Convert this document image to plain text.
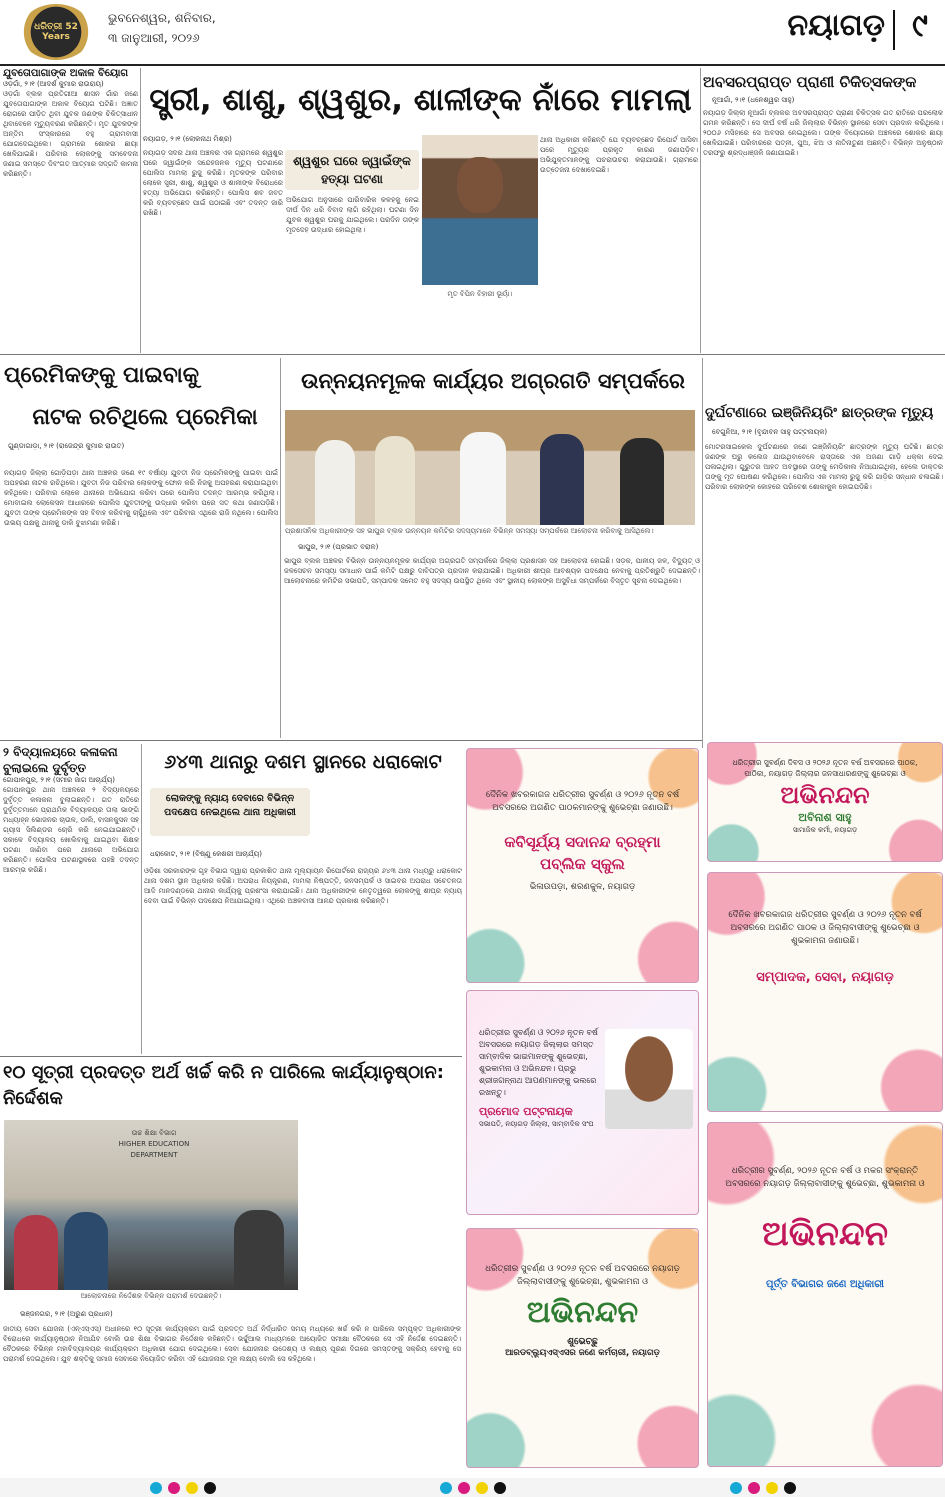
ଧରିତ୍ରୀ 52 Years
ଭୁବନେଶ୍ୱର, ଶନିବାର,
୩ ଜାନୁଆରୀ, ୨୦୨୬	ନୟାଗଡ଼ ୯
ଯୁବତୋପାଗାଙ୍କ ଅକାଳ ବିୟୋଗ
ଓଡ଼ଗାଁ, ୨।୧ (ଆଦର୍ଶ କୁମାର ରାଉରାୟ)
ଓଡ଼ଗାଁ ବ୍ଲକ ପ୍ରତିଗୀଆ ଶାସନ ଗାଁର ଜଣେ ଯୁବତୋପାଗାଙ୍କ ଅକାଳ ବିୟୋଗ ଘଟିଛି। ଅଜ୍ଞାତ ରୋଗରେ ପୀଡ଼ିତ ଥିବା ଯୁବକ ଜଣଙ୍କ ଚିକିତ୍ସାଧୀନ ଥିବାବେଳେ ମୃତ୍ୟୁବରଣ କରିଛନ୍ତି। ମୃତ ଯୁବକଙ୍କ ଅନ୍ତିମ ସଂସ୍କାରରେ ବହୁ ଗ୍ରାମବାସୀ ଯୋଗଦେଇଥିଲେ। ଗ୍ରାମରେ ଶୋକର ଛାୟା ଖେଳିଯାଇଛି। ପରିବାର ଲୋକଙ୍କୁ ସମବେଦନା ଜଣାଇ ସମସ୍ତେ ଦିବଂଗତ ଆତ୍ମାର ସଦ୍‌ଗତି କାମନା କରିଛନ୍ତି।
ସ୍ତ୍ରୀ, ଶାଶୁ, ଶ୍ୱଶୁର, ଶାଳୀଙ୍କ ନାଁରେ ମାମଲା
ନୟାଗଡ଼, ୨।୧ (ଲୋକନାଥ ମିଶ୍ର)
ଶ୍ୱଶୁର ଘରେ ଜ୍ୱାଇଁଙ୍କ ହତ୍ୟା ଘଟଣା
ନୟାଗଡ଼ ସଦର ଥାନା ଅଞ୍ଚଳର ଏକ ଗ୍ରାମରେ ଶ୍ୱଶୁର ଘରେ ଜ୍ୱାଇଁଙ୍କ ସନ୍ଦେହଜନକ ମୃତ୍ୟୁ ଘଟଣାରେ ପୋଲିସ ମାମଲା ରୁଜୁ କରିଛି। ମୃତକଙ୍କ ପରିବାର ଲୋକେ ସ୍ତ୍ରୀ, ଶାଶୁ, ଶ୍ୱଶୁର ଓ ଶାଳୀଙ୍କ ବିରୋଧରେ ହତ୍ୟା ଅଭିଯୋଗ କରିଛନ୍ତି। ପୋଲିସ ଶବ ଜବତ କରି ବ୍ୟବଚ୍ଛେଦ ପାଇଁ ପଠାଇଛି ଏବଂ ତଦନ୍ତ ଜାରି ରଖିଛି।
ଅଭିଯୋଗ ଅନୁସାରେ ପାରିବାରିକ କଳହକୁ ନେଇ ଦୀର୍ଘ ଦିନ ଧରି ବିବାଦ ଲାଗି ରହିଥିଲା। ଘଟଣା ଦିନ ଯୁବକ ଶ୍ୱଶୁର ଘରକୁ ଯାଇଥିଲେ। ପରଦିନ ତାଙ୍କ ମୃତଦେହ ଉଦ୍ଧାର ହୋଇଥିଲା।
ମୃତ ବିପିନ ବିହାରୀ ଭୂୟାଁ।
ଥାନା ଅଧିକାରୀ କହିଛନ୍ତି ଯେ ବ୍ୟବଚ୍ଛେଦ ରିପୋର୍ଟ ଆସିବା ପରେ ମୃତ୍ୟୁର ପ୍ରକୃତ କାରଣ ଜଣାପଡ଼ିବ। ଅଭିଯୁକ୍ତମାନଙ୍କୁ ପଚରାଉଚରା କରାଯାଉଛି। ଗ୍ରାମରେ ଉତ୍ତେଜନା ଦେଖାଦେଇଛି।
ଅବସରପ୍ରାପ୍ତ ପ୍ରାଣୀ ଚିକିତ୍ସକଙ୍କ
ନୂଆଗାଁ, ୨।୧ (ଧନେଶ୍ୱର ସାହୁ)
ନୟାଗଡ଼ ଜିଲ୍ଲା ନୂଆଗାଁ ବ୍ଲକର ଅବସରପ୍ରାପ୍ତ ପ୍ରାଣୀ ଚିକିତ୍ସକ ଗତ ରାତିରେ ପରଲୋକ ଗମନ କରିଛନ୍ତି। ସେ ଦୀର୍ଘ ବର୍ଷ ଧରି ଜିଲ୍ଲାର ବିଭିନ୍ନ ସ୍ଥାନରେ ସେବା ପ୍ରଦାନ କରିଥିଲେ। ୨୦୦୬ ମସିହାରେ ସେ ଅବସର ନେଇଥିଲେ। ତାଙ୍କ ବିୟୋଗରେ ଅଞ୍ଚଳରେ ଶୋକର ଛାୟା ଖେଳିଯାଇଛି। ପରିବାରରେ ପତ୍ନୀ, ପୁଅ, ଝିଅ ଓ ନାତିନାତୁଣୀ ଅଛନ୍ତି। ବିଭିନ୍ନ ଅନୁଷ୍ଠାନ ତରଫରୁ ଶ୍ରଦ୍ଧାଞ୍ଜଳି ଜଣାଯାଇଛି।
ପ୍ରେମିକଙ୍କୁ ପାଇବାକୁ
ନାଟକ ରଚିଥିଲେ ପ୍ରେମିକା
ଗୁଣ୍ଡାଗାଡ଼ା, ୨।୧ (ରାଜେନ୍ଦ୍ର କୁମାର ରାଉତ)
ନୟାଗଡ଼ ଜିଲ୍ଲା ଗୋଡ଼ିପଡ଼ା ଥାନା ଅଞ୍ଚଳର ଜଣେ ୧୯ ବର୍ଷୀୟା ଯୁବତୀ ନିଜ ପ୍ରେମିକଙ୍କୁ ପାଇବା ପାଇଁ ଅପହରଣ ନାଟକ ରଚିଥିଲେ। ଯୁବତୀ ନିଜ ପରିବାର ଲୋକଙ୍କୁ ଫୋନ କରି ନିଜକୁ ଅପହରଣ କରାଯାଇଥିବା କହିଥିଲେ। ପରିବାର ଲୋକେ ଥାନାରେ ଅଭିଯୋଗ କରିବା ପରେ ପୋଲିସ ତଦନ୍ତ ଆରମ୍ଭ କରିଥିଲା। ମୋବାଇଲ ଲୋକେସନ ଆଧାରରେ ପୋଲିସ ଯୁବତୀଙ୍କୁ ଉଦ୍ଧାର କରିବା ପରେ ସତ କଥା ଜଣାପଡ଼ିଛି। ଯୁବତୀ ତାଙ୍କ ପ୍ରେମିକଙ୍କ ସହ ବିବାହ କରିବାକୁ ଚାହୁଁଥିଲେ ଏବଂ ପରିବାର ଏଥିରେ ରାଜି ନଥିଲେ। ପୋଲିସ ଉଭୟ ପକ୍ଷକୁ ଥାନାକୁ ଡାକି ବୁଝାମଣା କରିଛି।
ଉନ୍ନୟନମୂଳକ କାର୍ଯ୍ୟର ଅଗ୍ରଗତି ସମ୍ପର୍କରେ
ପ୍ରଶାସନିକ ଅଧିକାରୀଙ୍କ ସହ ଭାପୁର ବ୍ଲକ ଉନ୍ନୟନ କମିଟିର ସଦସ୍ୟମାନେ ବିଭିନ୍ନ ସମସ୍ୟା ସମ୍ପର୍କରେ ଆଲୋଚନା କରିବାକୁ ଆସିଥିଲେ।
ଭାପୁର, ୨।୧ (ପ୍ରଭାତ ବରାଳ)
ଭାପୁର ବ୍ଲକ ଅଞ୍ଚଳର ବିଭିନ୍ନ ଉନ୍ନୟନମୂଳକ କାର୍ଯ୍ୟର ଅଗ୍ରଗତି ସମ୍ପର୍କରେ ଜିଲ୍ଲା ପ୍ରଶାସନ ସହ ଆଲୋଚନା ହୋଇଛି। ସଡ଼କ, ପାନୀୟ ଜଳ, ବିଦ୍ୟୁତ୍ ଓ ଜଳସେଚନ ସମସ୍ୟା ସମାଧାନ ପାଇଁ କମିଟି ପକ୍ଷରୁ ଦାବିପତ୍ର ପ୍ରଦାନ କରାଯାଇଛି। ଅଧିକାରୀ ଶୀଘ୍ର ଆବଶ୍ୟକ ପଦକ୍ଷେପ ନେବାକୁ ପ୍ରତିଶ୍ରୁତି ଦେଇଛନ୍ତି। ଆଲୋଚନାରେ କମିଟିର ସଭାପତି, ସମ୍ପାଦକ ସମେତ ବହୁ ସଦସ୍ୟ ଉପସ୍ଥିତ ଥିଲେ ଏବଂ ସ୍ଥାନୀୟ ଲୋକଙ୍କ ଅସୁବିଧା ସମ୍ପର୍କରେ ବିସ୍ତୃତ ସୂଚନା ଦେଇଥିଲେ।
ଦୁର୍ଘଟଣାରେ ଇଞ୍ଜିନିୟରିଂ ଛାତ୍ରଙ୍କ ମୃତ୍ୟୁ
ବେଗୁନିଆ, ୨।୧ (ବୃନ୍ଦାବନ ସାହୁ ପଟ୍ଟନାୟକ)
ମୋଟରସାଇକେଲ ଦୁର୍ଘଟଣାରେ ଜଣେ ଇଞ୍ଜିନିୟରିଂ ଛାତ୍ରଙ୍କ ମୃତ୍ୟୁ ଘଟିଛି। ଛାତ୍ର ଜଣଙ୍କ ଘରୁ କଲେଜ ଯାଉଥିବାବେଳେ ରାସ୍ତାରେ ଏକ ଅଜଣା ଗାଡ଼ି ଧକ୍କା ଦେଇ ପଳାଇଥିଲା। ଗୁରୁତର ଆହତ ଅବସ୍ଥାରେ ତାଙ୍କୁ ମେଡିକାଲ ନିଆଯାଇଥିଲା, ହେଲେ ଡାକ୍ତର ତାଙ୍କୁ ମୃତ ଘୋଷଣା କରିଥିଲେ। ପୋଲିସ ଏକ ମାମଲା ରୁଜୁ କରି ଗାଡ଼ିର ସନ୍ଧାନ ଚଳାଇଛି। ପରିବାର ଲୋକଙ୍କ କୋହରେ ପରିବେଶ ଶୋକାକୁଳ ହୋଇପଡ଼ିଛି।
୨ ବିଦ୍ୟାଳୟରେ କଳାକନା ବୁଲାଇଲେ ଦୁର୍ବୃତ୍ତ
ଗୋପାଳପୁର, ୨।୧ (ସମୀର ଜାଗ ଆଚାର୍ଯ୍ୟ)
ଗୋପାଳପୁର ଥାନା ଅଞ୍ଚଳରେ ୨ ବିଦ୍ୟାଳୟରେ ଦୁର୍ବୃତ୍ତ କଳାକନା ବୁଲାଇଛନ୍ତି। ଗତ ରାତିରେ ଦୁର୍ବୃତ୍ତମାନେ ପ୍ରାଥମିକ ବିଦ୍ୟାଳୟର ତାଲା ଭାଙ୍ଗି ମଧ୍ୟାହ୍ନ ଭୋଜନର ଚାଉଳ, ଡାଲି, ବାସନକୁସନ ସହ ଗ୍ୟାସ ସିଲିଣ୍ଡର ଚୋରି କରି ନେଇଯାଇଛନ୍ତି। ସକାଳେ ବିଦ୍ୟାଳୟ ଖୋଲିବାକୁ ଯାଇଥିବା ଶିକ୍ଷକ ଘଟଣା ଜାଣିବା ପରେ ଥାନାରେ ଅଭିଯୋଗ କରିଛନ୍ତି। ପୋଲିସ ଘଟଣାସ୍ଥଳରେ ପହଞ୍ଚି ତଦନ୍ତ ଆରମ୍ଭ କରିଛି।
୬୪୩ ଥାନାରୁ ଦଶମ ସ୍ଥାନରେ ଧରାକୋଟ
ଲୋକଙ୍କୁ ନ୍ୟାୟ ଦେବାରେ ବିଭିନ୍ନ ପଦକ୍ଷେପ ନେଇଥିଲେ ଥାନା ଅଧିକାରୀ
ଧରାକୋଟ, ୨।୧ (ବିଷ୍ଣୁ କେଶରୀ ଆଚାର୍ଯ୍ୟ)
ଓଡ଼ିଶା ସରକାରଙ୍କ ଗୃହ ବିଭାଗ ଦ୍ୱାରା ପ୍ରକାଶିତ ଥାନା ମୂଲ୍ୟାୟନ ରିପୋର୍ଟରେ ରାଜ୍ୟର ୬୪୩ ଥାନା ମଧ୍ୟରୁ ଧରାକୋଟ ଥାନା ଦଶମ ସ୍ଥାନ ଅଧିକାର କରିଛି। ଅପରାଧ ନିୟନ୍ତ୍ରଣ, ମାମଲା ନିଷ୍ପତ୍ତି, ଜନସମ୍ପର୍କ ଓ ସାଇବର ଅପରାଧ ସଚେତନତା ଆଦି ମାନଦଣ୍ଡରେ ଥାନାର କାର୍ଯ୍ୟକୁ ପ୍ରଶଂସା କରାଯାଇଛି। ଥାନା ଅଧିକାରୀଙ୍କ ନେତୃତ୍ୱରେ ଲୋକଙ୍କୁ ଶୀଘ୍ର ନ୍ୟାୟ ଦେବା ପାଇଁ ବିଭିନ୍ନ ପଦକ୍ଷେପ ନିଆଯାଇଥିଲା। ଏଥିରେ ଅଞ୍ଚଳବାସୀ ଆନନ୍ଦ ପ୍ରକାଶ କରିଛନ୍ତି।
ଦୈନିକ ଖବରକାଗଜ ଧରିତ୍ରୀର ସୁବର୍ଣ୍ଣ ଓ ୨୦୨୬ ନୂତନ ବର୍ଷ ଅବସରରେ ଅଗଣିତ ପାଠକମାନଙ୍କୁ ଶୁଭେଚ୍ଛା ଜଣାଉଛି।
କବିସୂର୍ଯ୍ୟ ସଦାନନ୍ଦ ବ୍ରହ୍ମା ପବ୍ଲିକ ସ୍କୁଲ
ଭିଳାଉପଡ଼ା, ଶରଣକୁଳ, ନୟାଗଡ଼
ଧରିତ୍ରୀର ସୁବର୍ଣ୍ଣ ଓ ୨୦୨୬ ନୂତନ ବର୍ଷ ଅବସରରେ ନୟାଗଡ଼ ଜିଲ୍ଲାର ସମସ୍ତ ସାମ୍ବାଦିକ ଭାଇମାନଙ୍କୁ ଶୁଭେଚ୍ଛା, ଶୁଭକାମନା ଓ ଅଭିନନ୍ଦନ। ପ୍ରଭୁ ଶ୍ରୀଜଗନ୍ନାଥ ଆପଣମାନଙ୍କୁ ଭଲରେ ରଖନ୍ତୁ।
ପ୍ରମୋଦ ପଟ୍ଟନାୟକ
ସଭାପତି, ନୟାଗଡ଼ ଜିଲ୍ଲା, ସାମ୍ବାଦିକ ସଂଘ
ଧରିତ୍ରୀର ସୁବର୍ଣ୍ଣ ଓ ୨୦୨୬ ନୂତନ ବର୍ଷ ଅବସରରେ ନୟାଗଡ଼ ଜିଲ୍ଲାବାସୀଙ୍କୁ ଶୁଭେଚ୍ଛା, ଶୁଭକାମନା ଓ
ଅଭିନନ୍ଦନ
ଶୁଭେଚ୍ଛୁ
ଆରଡବ୍ଲ୍ୟୁଏସ୍‌ଏସର ଜଣେ କର୍ମଚାରୀ, ନୟାଗଡ଼
ଧରିତ୍ରୀର ସୁବର୍ଣ୍ଣ ଦିବସ ଓ ୨୦୨୬ ନୂତନ ବର୍ଷ ଅବସରରେ ପାଠକ, ପାଠିକା, ନୟାଗଡ଼ ଜିଲ୍ଲାର ଜନସାଧାରଣଙ୍କୁ ଶୁଭେଚ୍ଛା ଓ
ଅଭିନନ୍ଦନ
ଅବିନାଶ ସାହୁ
ସାମାଜିକ କର୍ମୀ, ନୟାଗଡ଼
ଦୈନିକ ଖବରକାଗଜ ଧରିତ୍ରୀର ସୁବର୍ଣ୍ଣ ଓ ୨୦୨୬ ନୂତନ ବର୍ଷ ଅବସରରେ ଅଗଣିତ ପାଠକ ଓ ଜିଲ୍ଲାବାସୀଙ୍କୁ ଶୁଭେଚ୍ଛା ଓ ଶୁଭକାମନା ଜଣାଉଛି।
ସମ୍ପାଦକ, ସେବା, ନୟାଗଡ଼
ଧରିତ୍ରୀର ସୁବର୍ଣ୍ଣ, ୨୦୨୬ ନୂତନ ବର୍ଷ ଓ ମକର ସଂକ୍ରାନ୍ତି ଅବସରରେ ନୟାଗଡ଼ ଜିଲ୍ଲାବାସୀଙ୍କୁ ଶୁଭେଚ୍ଛା, ଶୁଭକାମନା ଓ
ଅଭିନନ୍ଦନ
ପୂର୍ତ୍ତ ବିଭାଗର ଜଣେ ଅଧିକାରୀ
୧୦ ସୂତ୍ରୀ ପ୍ରଦତ୍ତ ଅର୍ଥ ଖର୍ଚ୍ଚ କରି ନ ପାରିଲେ କାର୍ଯ୍ୟାନୁଷ୍ଠାନ: ନିର୍ଦ୍ଦେଶକ
ଉଚ୍ଚ ଶିକ୍ଷା ବିଭାଗ
HIGHER EDUCATION
DEPARTMENT
ଆଲୋଚନାରେ ନିର୍ଦ୍ଦେଶକ ବିଭିନ୍ନ ପରାମର୍ଶ ଦେଉଛନ୍ତି।
ଭଞ୍ଜନଗର, ୨।୧ (ଅରୁଣ ପ୍ରଧାନ)
ଜାତୀୟ ସେବା ଯୋଜନା (ଏନ୍‌ଏସ୍‌ଏସ୍) ଅଧୀନରେ ୧୦ ସୂତ୍ରୀ କାର୍ଯ୍ୟକ୍ରମ ପାଇଁ ପ୍ରଦତ୍ତ ଅର୍ଥ ନିର୍ଦ୍ଧାରିତ ସମୟ ମଧ୍ୟରେ ଖର୍ଚ୍ଚ କରି ନ ପାରିଲେ ସମ୍ପୃକ୍ତ ଅଧିକାରୀଙ୍କ ବିରୋଧରେ କାର୍ଯ୍ୟାନୁଷ୍ଠାନ ନିଆଯିବ ବୋଲି ଉଚ୍ଚ ଶିକ୍ଷା ବିଭାଗର ନିର୍ଦ୍ଦେଶକ କହିଛନ୍ତି। ଭର୍ଚ୍ଚୁଆଲ ମାଧ୍ୟମରେ ଆୟୋଜିତ ସମୀକ୍ଷା ବୈଠକରେ ସେ ଏହି ନିର୍ଦ୍ଦେଶ ଦେଇଛନ୍ତି। ବୈଠକରେ ବିଭିନ୍ନ ମହାବିଦ୍ୟାଳୟର କାର୍ଯ୍ୟକ୍ରମ ଅଧିକାରୀ ଯୋଗ ଦେଇଥିଲେ। ସେବା ଯୋଜନାର ଉଦ୍ଦେଶ୍ୟ ଓ ଲକ୍ଷ୍ୟ ପୂରଣ ଦିଗରେ ସମସ୍ତଙ୍କୁ ସକ୍ରିୟ ହେବାକୁ ସେ ପରାମର୍ଶ ଦେଇଥିଲେ। ଯୁବ ଶକ୍ତିକୁ ସମାଜ ସେବାରେ ନିୟୋଜିତ କରିବା ଏହି ଯୋଜନାର ମୂଳ ଲକ୍ଷ୍ୟ ବୋଲି ସେ କହିଥିଲେ।
